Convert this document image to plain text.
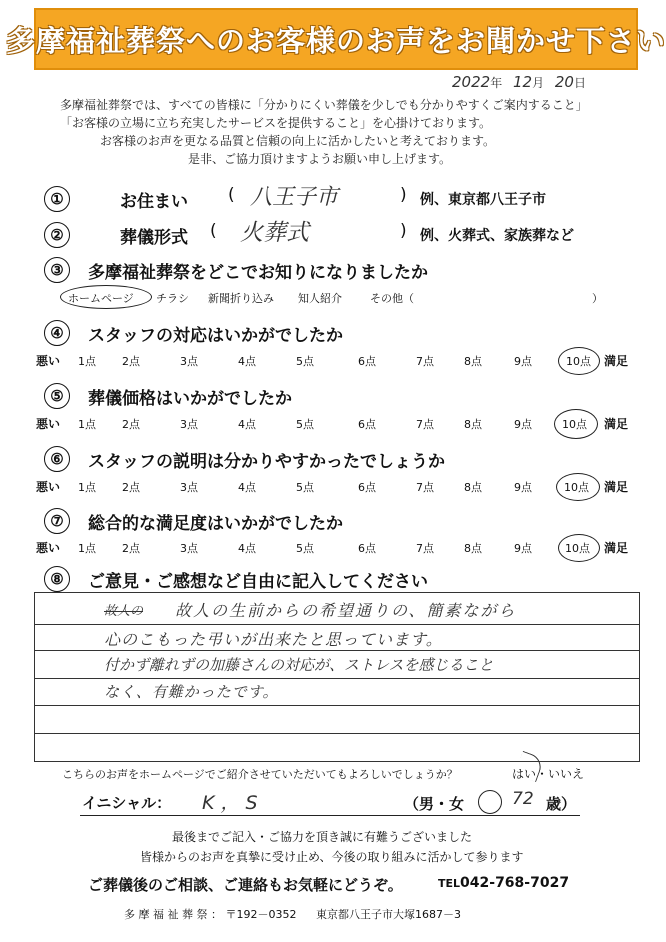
多摩福祉葬祭へのお客様のお声をお聞かせ下さい
2022年 12月 20日
多摩福祉葬祭では、すべての皆様に「分かりにくい葬儀を少しでも分かりやすくご案内すること」
「お客様の立場に立ち充実したサービスを提供すること」を心掛けております。
お客様のお声を更なる品質と信頼の向上に活かしたいと考えております。
是非、ご協力頂けますようお願い申し上げます。
①	お住まい ( 八王子市	) 例、東京都八王子市
②	葬儀形式 ( 火葬式	) 例、火葬式、家族葬など
③	多摩福祉葬祭をどこでお知りになりましたか
ホームページ チラシ 新聞折り込み 知人紹介	その他（	）
④	スタッフの対応はいかがでしたか
悪い 1点 2点	3点	4点	5点	6点	7点	8点	9点	10点 満足
⑤	葬儀価格はいかがでしたか
悪い 1点 2点	3点	4点	5点	6点	7点	8点	9点	10点 満足
⑥	スタッフの説明は分かりやすかったでしょうか
悪い 1点 2点	3点	4点	5点	6点	7点	8点	9点	10点 満足
⑦	総合的な満足度はいかがでしたか
悪い 1点 2点	3点	4点	5点	6点	7点	8点	9点	10点 満足
⑧	ご意見・ご感想など自由に記入してください
故人の 故人の生前からの希望通りの、簡素ながら
心のこもった弔いが出来たと思っています。
付かず離れずの加藤さんの対応が、ストレスを感じること
なく、有難かったです。
こちらのお声をホームページでご紹介させていただいてもよろしいでしょうか？	はい・いいえ
イニシャル： K，S	（男・女	72 歳）
最後までご記入・ご協力を頂き誠に有難うございました
皆様からのお声を真摯に受け止め、今後の取り組みに活かして参ります
ご葬儀後のご相談、ご連絡もお気軽にどうぞ。	TEL042-768-7027
多 摩 福 祉 葬 祭 ： 〒192－0352 東京都八王子市大塚1687－3
